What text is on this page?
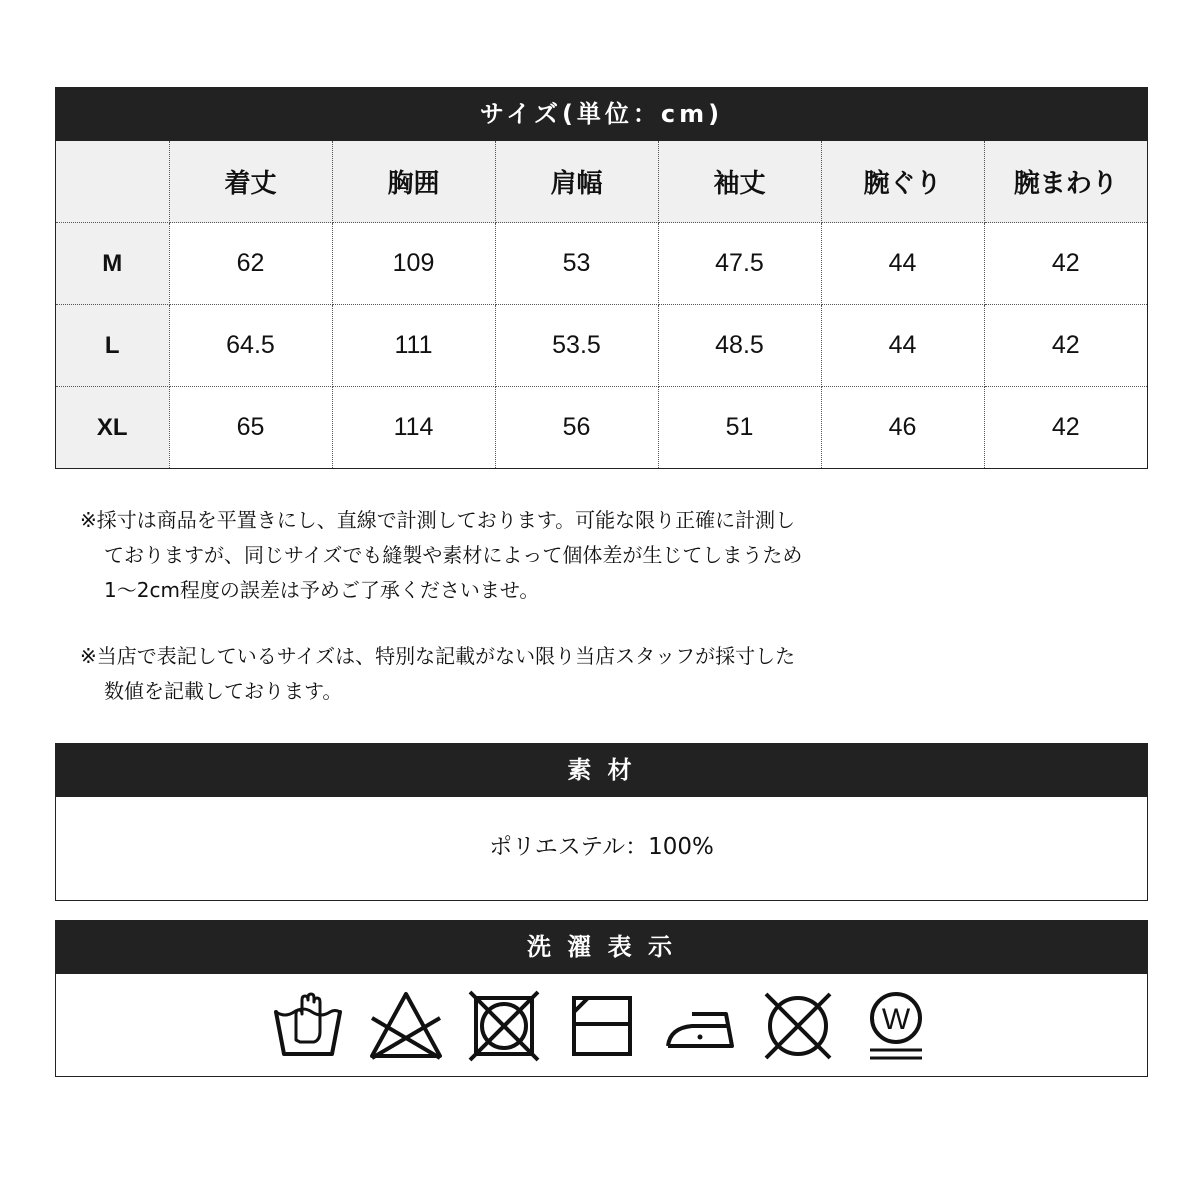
サイズ(単位：cm)
	着丈	胸囲	肩幅	袖丈	腕ぐり	腕まわり
M	62	109	53	47.5	44	42
L	64.5	111	53.5	48.5	44	42
XL	65	114	56	51	46	42
※採寸は商品を平置きにし、直線で計測しております。可能な限り正確に計測し
ておりますが、同じサイズでも縫製や素材によって個体差が生じてしまうため
1〜2cm程度の誤差は予めご了承くださいませ。
※当店で表記しているサイズは、特別な記載がない限り当店スタッフが採寸した
数値を記載しております。
素 材
ポリエステル：100%
洗 濯 表 示
W
